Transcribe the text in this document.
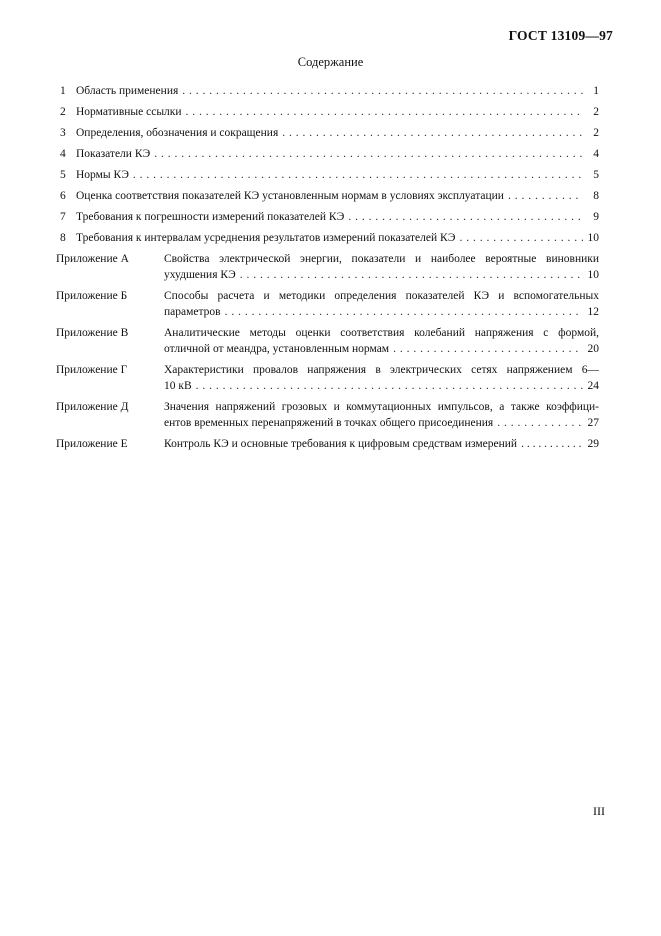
ГОСТ 13109—97
Содержание
1 Область применения . . .	1
2 Нормативные ссылки . . .	2
3 Определения, обозначения и сокращения . . .	2
4 Показатели КЭ . . .	4
5 Нормы КЭ . . .	5
6 Оценка соответствия показателей КЭ установленным нормам в условиях эксплуатации . . .	8
7 Требования к погрешности измерений показателей КЭ . . .	9
8 Требования к интервалам усреднения результатов измерений показателей КЭ . . .	10
Приложение А	Свойства электрической энергии, показатели и наиболее вероятные виновники
ухудшения КЭ . . .	10
Приложение Б	Способы расчета и методики определения показателей КЭ и вспомогательных
параметров . . .	12
Приложение В	Аналитические методы оценки соответствия колебаний напряжения с формой,
отличной от меандра, установленным нормам . . .	20
Приложение Г	Характеристики провалов напряжения в электрических сетях напряжением 6—
10 кВ . . .	24
Приложение Д	Значения напряжений грозовых и коммутационных импульсов, а также коэффици-
ентов временных перенапряжений в точках общего присоединения . . .	27
Приложение Е	Контроль КЭ и основные требования к цифровым средствам измерений . . .	29
III
